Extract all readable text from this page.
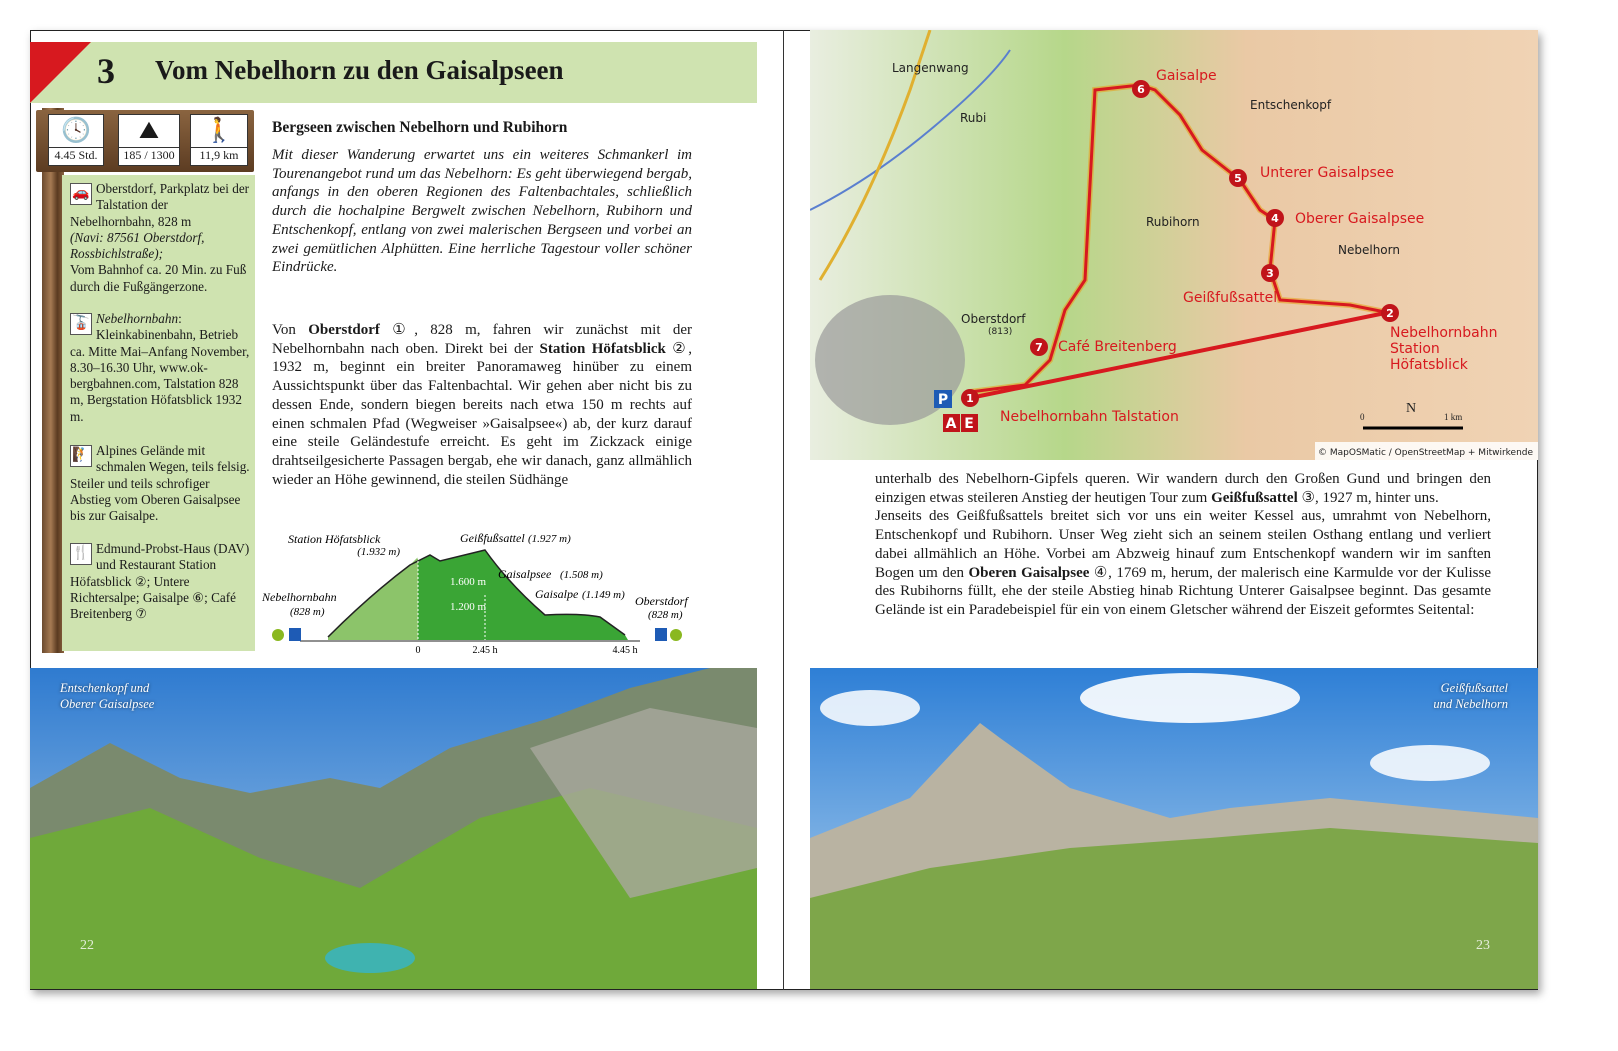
3 Vom Nebelhorn zu den Gaisalpseen
🕓
4.45 Std.
⛰
185 / 1300
🚶
11,9 km
🚗 Oberstdorf, Parkplatz bei der Talstation der Nebelhornbahn, 828 m
(Navi: 87561 Oberstdorf, Rossbichlstraße);
Vom Bahnhof ca. 20 Min. zu Fuß durch die Fußgängerzone.
🚡 Nebelhornbahn: Kleinkabinenbahn, Betrieb ca. Mitte Mai–Anfang November, 8.30–16.30 Uhr, www.ok-bergbahnen.com, Talstation 828 m, Bergstation Höfatsblick 1932 m.
🧗 Alpines Gelände mit schmalen Wegen, teils felsig. Steiler und teils schrofiger Abstieg vom Oberen Gaisalpsee bis zur Gaisalpe.
🍴 Edmund-Probst-Haus (DAV) und Restaurant Station Höfatsblick ②; Untere Richtersalpe; Gaisalpe ⑥; Café Breitenberg ⑦
Bergseen zwischen Nebelhorn und Rubihorn
Mit dieser Wanderung erwartet uns ein weiteres Schmankerl im Tourenangebot rund um das Nebelhorn: Es geht überwiegend bergab, anfangs in den oberen Regionen des Faltenbachtales, schließlich durch die hochalpine Bergwelt zwischen Nebelhorn, Rubihorn und Entschenkopf, entlang von zwei malerischen Bergseen und vorbei an zwei gemütlichen Alphütten. Eine herrliche Tagestour voller schöner Eindrücke.
Von Oberstdorf ①, 828 m, fahren wir zunächst mit der Nebelhornbahn nach oben. Direkt bei der Station Höfatsblick ②, 1932 m, beginnt ein breiter Panoramaweg hinüber zu einem Aussichtspunkt über das Faltenbachtal. Wir gehen aber nicht bis zu dessen Ende, sondern biegen bereits nach etwa 150 m rechts auf einen schmalen Pfad (Wegweiser »Gaisalpsee«) ab, der kurz darauf eine steile Geländestufe erreicht. Es geht im Zickzack einige drahtseilgesicherte Passagen bergab, ehe wir danach, ganz allmählich wieder an Höhe gewinnend, die steilen Südhänge
1.600 m
1.200 m
Station Höfatsblick
(1.932 m)
Geißfußsattel (1.927 m)
Gaisalpsee (1.508 m)
Gaisalpe (1.149 m)
Nebelhornbahn
(828 m)
Oberstdorf
(828 m)
0	2.45 h	4.45 h
Langenwang
Rubi
Oberstdorf
(813)
Entschenkopf
Rubihorn
Nebelhorn
Gaisalpe
Unterer Gaisalpsee
Oberer Gaisalpsee
Geißfußsattel
Café Breitenberg
Nebelhornbahn Talstation
Nebelhornbahn
Station
Höfatsblick
1
2
3
4
5
6
7
P
A E	0	1 km
N
© MapOSMatic / OpenStreetMap + Mitwirkende
unterhalb des Nebelhorn-Gipfels queren. Wir wandern durch den Großen Gund und bringen den einzigen etwas steileren Anstieg der heutigen Tour zum Geißfußsattel ③, 1927 m, hinter uns.
Jenseits des Geißfußsattels breitet sich vor uns ein weiter Kessel aus, umrahmt von Nebelhorn, Entschenkopf und Rubihorn. Unser Weg zieht sich an seinem steilen Osthang entlang und verliert dabei allmählich an Höhe. Vorbei am Abzweig hinauf zum Entschenkopf wandern wir im sanften Bogen um den Oberen Gaisalpsee ④, 1769 m, herum, der malerisch eine Karmulde vor der Kulisse des Rubihorns füllt, ehe der steile Abstieg hinab Richtung Unterer Gaisalpsee beginnt. Das gesamte Gelände ist ein Paradebeispiel für ein von einem Gletscher während der Eiszeit geformtes Seitental:
Entschenkopf und
Oberer Gaisalpsee
22
Geißfußsattel
und Nebelhorn
23
